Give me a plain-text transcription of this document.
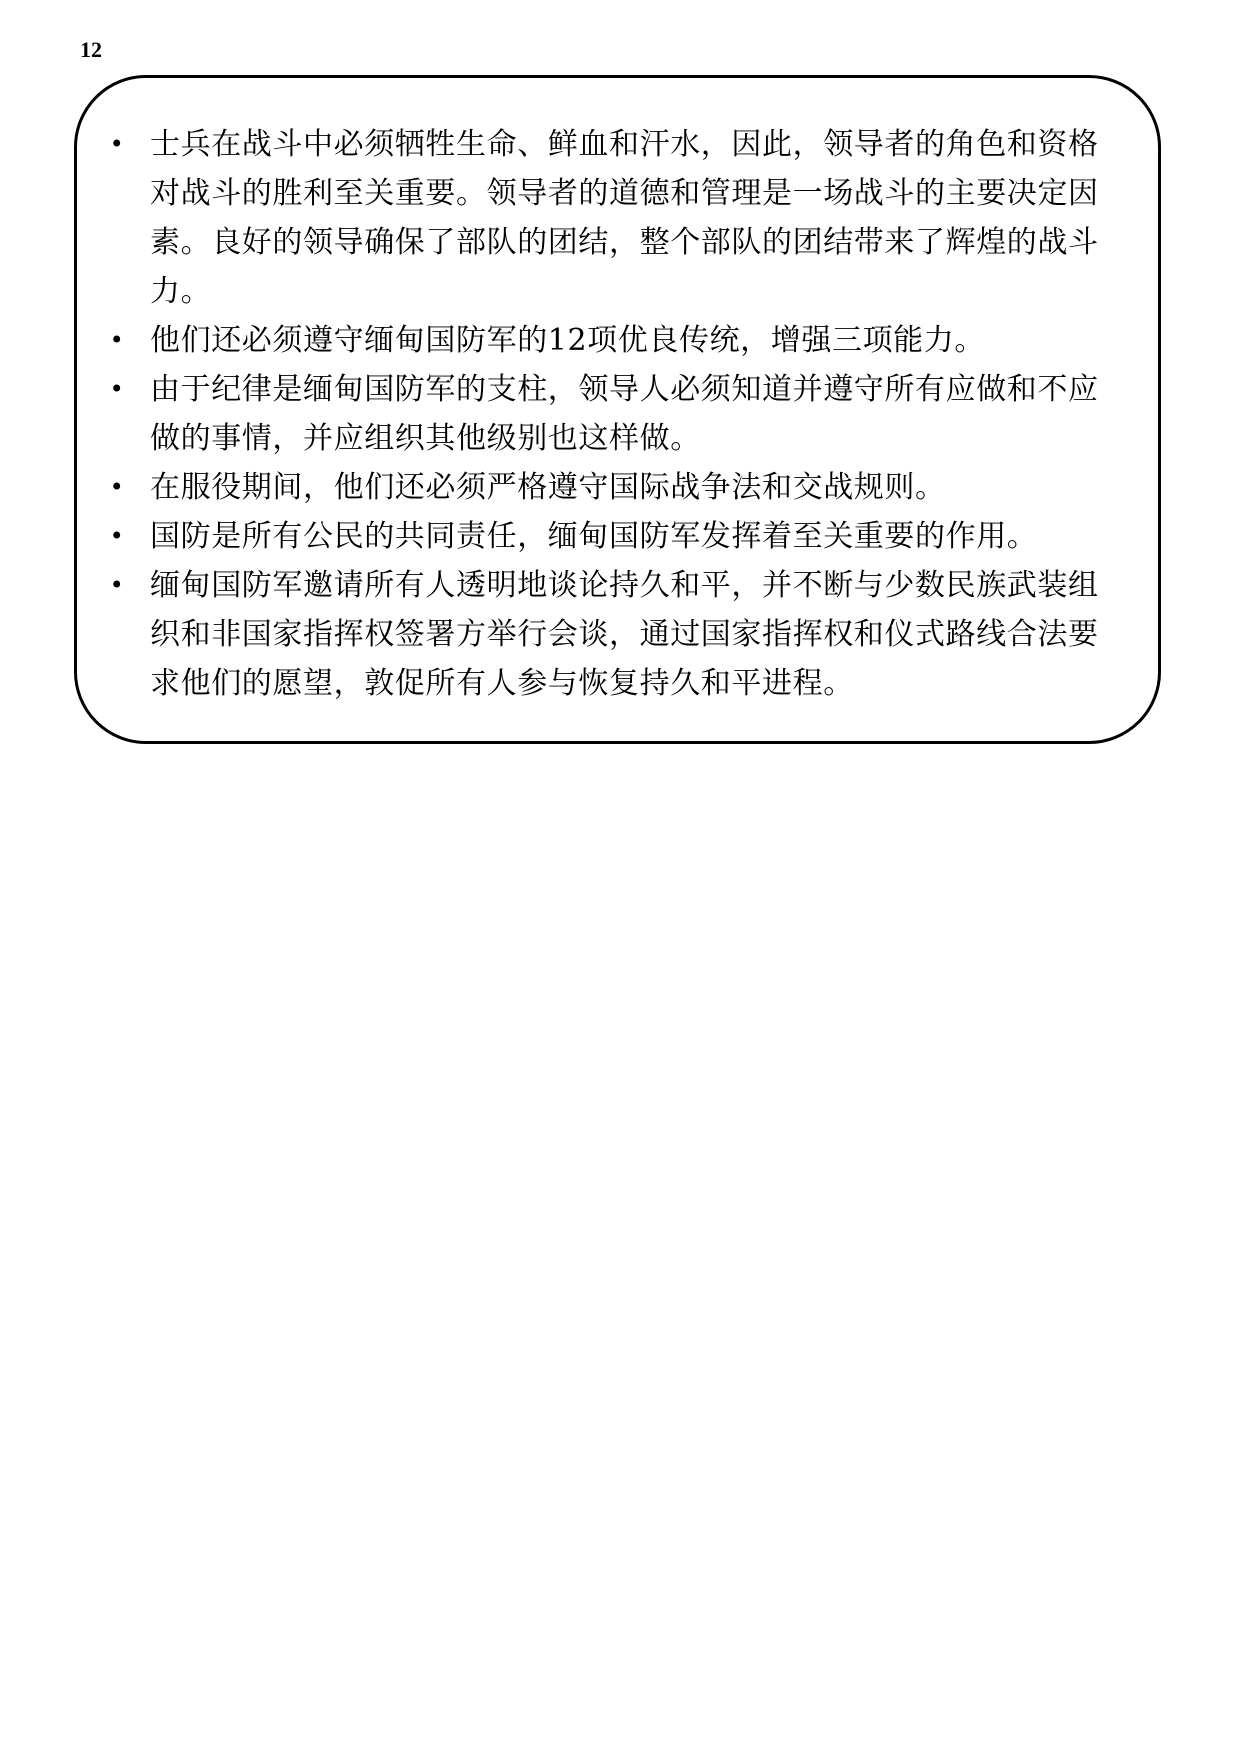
12
• 士兵在战斗中必须牺牲生命、鲜血和汗水，因此，领导者的角色和资格对战斗的胜利至关重要。领导者的道德和管理是一场战斗的主要决定因素。良好的领导确保了部队的团结，整个部队的团结带来了辉煌的战斗力。
• 他们还必须遵守缅甸国防军的12项优良传统，增强三项能力。
• 由于纪律是缅甸国防军的支柱，领导人必须知道并遵守所有应做和不应做的事情，并应组织其他级别也这样做。
• 在服役期间，他们还必须严格遵守国际战争法和交战规则。
• 国防是所有公民的共同责任，缅甸国防军发挥着至关重要的作用。
• 缅甸国防军邀请所有人透明地谈论持久和平，并不断与少数民族武装组织和非国家指挥权签署方举行会谈，通过国家指挥权和仪式路线合法要求他们的愿望，敦促所有人参与恢复持久和平进程。
